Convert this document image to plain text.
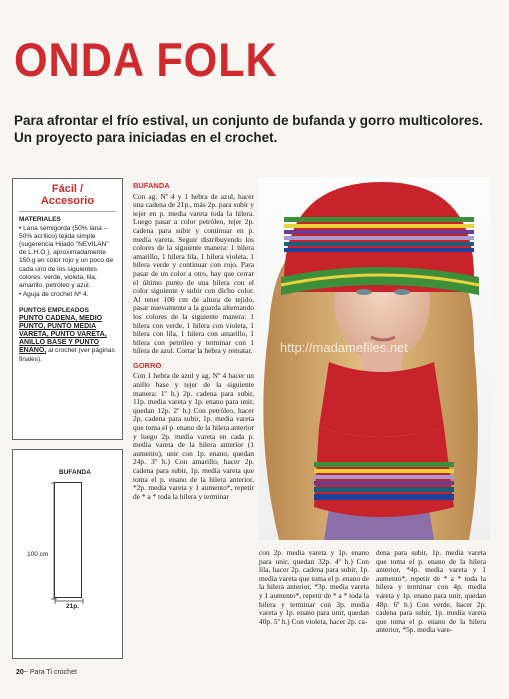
ONDA FOLK
Para afrontar el frío estival, un conjunto de bufanda y gorro multicolores. Un proyecto para iniciadas en el crochet.
Fácil /
Accesorio
MATERIALES
• Lana semigorda (50% lana – 50% acrílico) tejida simple (sugerencia Hilado "NEVILAN" de L.H.O.), aproximadamente 150 g en color rojo y un poco de cada uno de los siguientes colores: verde, violeta, lila, amarillo, petróleo y azul.
• Aguja de crochet Nº 4.
PUNTOS EMPLEADOS
PUNTO CADENA, MEDIO PUNTO, PUNTO MEDIA VARETA, PUNTO VARETA, ANILLO BASE Y PUNTO ENANO, al crochet (ver páginas finales).
BUFANDA
100 cm
21p.
BUFANDA
Con ag. Nº 4 y 1 hebra de azul, hacer una cadena de 21p., más 2p. para subir y tejer en p. media vareta toda la hilera. Luego pasar a color petróleo, tejer 2p. cadena para subir y continuar en p. media vareta. Seguir distribuyendo los colores de la siguiente manera: 1 hilera amarillo, 1 hilera lila, 1 hilera violeta, 1 hilera verde y continuar con rojo. Para pasar de un color a otro, hay que cerrar el último punto de una hilera con el color siguiente y subir con dicho color. Al tener 100 cm de altura de tejido, pasar nuevamente a la guarda alternando los colores de la siguiente manera: 1 hilera con verde, 1 hilera con violeta, 1 hilera con lila, 1 hilera con amarillo, 1 hilera con petróleo y terminar con 1 hilera de azul. Cortar la hebra y rematar.
GORRO
Con 1 hebra de azul y ag. Nº 4 hacer un anillo base y tejer de la siguiente manera: 1º h.) 2p. cadena para subir, 11p. media vareta y 1p. enano para unir, quedan 12p. 2º h.) Con petróleo, hacer 2p. cadena para subir, 1p. media vareta que toma el p. enano de la hilera anterior y luego 2p. media vareta en cada p. media vareta de la hilera anterior (1 aumento), unir con 1p. enano, quedan 24p. 3º h.) Con amarillo, hacer 2p. cadena para subir, 1p. media vareta que toma el p. enano de la hilera anterior, *2p. media vareta y 1 aumento*, repetir de * a * toda la hilera y terminar
con 2p. media vareta y 1p. enano para unir, quedan 32p. 4º h.) Con lila, hacer 2p. cadena para subir, 1p. media vareta que toma el p. enano de la hilera anterior, *3p. media vareta y 1 aumento*, repetir de * a * toda la hilera y terminar con 3p. media vareta y 1p. enano para unir, quedan 40p. 5º h.) Con violeta, hacer 2p. ca-
dena para subir, 1p. media vareta que toma el p. enano de la hilera anterior, *4p. media vareta y 1 aumento*, repetir de * a * toda la hilera y terminar con 4p. media vareta y 1p. enano para unir, quedan 48p. 6º h.) Con verde, hacer 2p. cadena para subir, 1p. media vareta que toma el p. enano de la hilera anterior, *5p. media vare-
http://madamefiles.net
20~ Para Ti crochet
